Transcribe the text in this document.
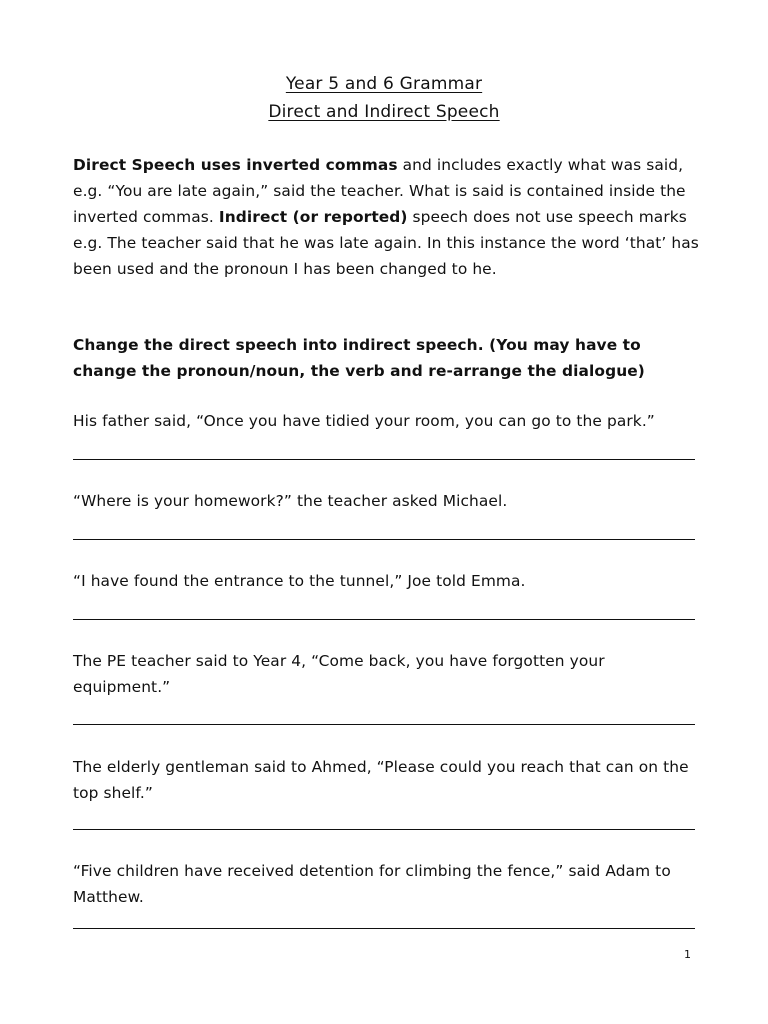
Year 5 and 6 Grammar
Direct and Indirect Speech
Direct Speech uses inverted commas and includes exactly what was said, e.g. “You are late again,” said the teacher. What is said is contained inside the inverted commas. Indirect (or reported) speech does not use speech marks e.g. The teacher said that he was late again. In this instance the word ‘that’ has been used and the pronoun I has been changed to he.
Change the direct speech into indirect speech. (You may have to change the pronoun/noun, the verb and re-arrange the dialogue)
His father said, “Once you have tidied your room, you can go to the park.”
“Where is your homework?” the teacher asked Michael.
“I have found the entrance to the tunnel,” Joe told Emma.
The PE teacher said to Year 4, “Come back, you have forgotten your equipment.”
The elderly gentleman said to Ahmed, “Please could you reach that can on the top shelf.”
“Five children have received detention for climbing the fence,” said Adam to Matthew.
1
